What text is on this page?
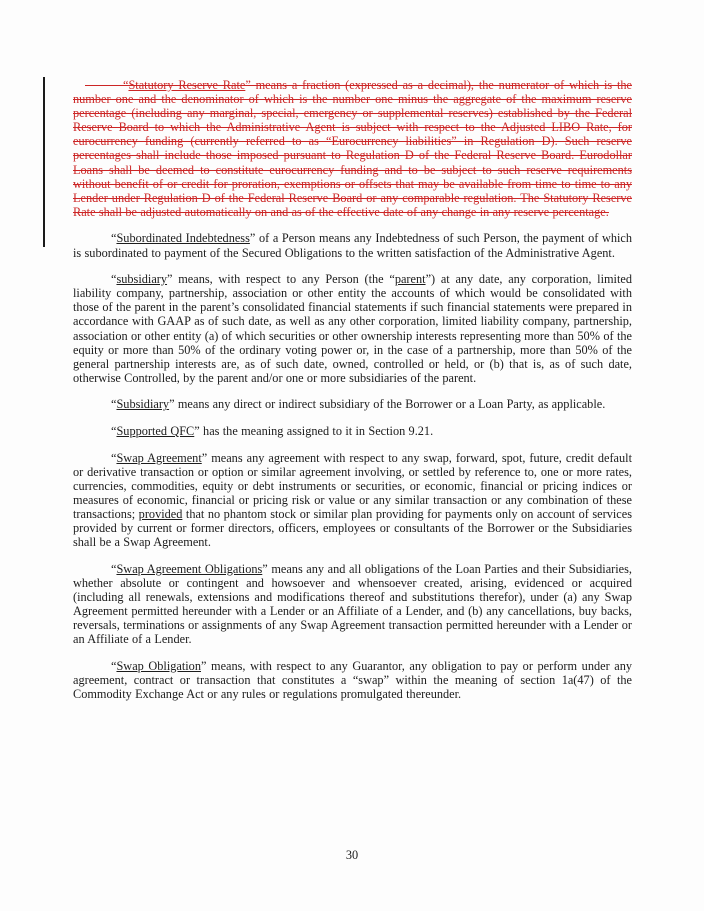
“Statutory Reserve Rate” means a fraction (expressed as a decimal), the numerator of which is the number one and the denominator of which is the number one minus the aggregate of the maximum reserve percentage (including any marginal, special, emergency or supplemental reserves) established by the Federal Reserve Board to which the Administrative Agent is subject with respect to the Adjusted LIBO Rate, for eurocurrency funding (currently referred to as “Eurocurrency liabilities” in Regulation D). Such reserve percentages shall include those imposed pursuant to Regulation D of the Federal Reserve Board. Eurodollar Loans shall be deemed to constitute eurocurrency funding and to be subject to such reserve requirements without benefit of or credit for proration, exemptions or offsets that may be available from time to time to any Lender under Regulation D of the Federal Reserve Board or any comparable regulation. The Statutory Reserve Rate shall be adjusted automatically on and as of the effective date of any change in any reserve percentage.
“Subordinated Indebtedness” of a Person means any Indebtedness of such Person, the payment of which is subordinated to payment of the Secured Obligations to the written satisfaction of the Administrative Agent.
“subsidiary” means, with respect to any Person (the “parent”) at any date, any corporation, limited liability company, partnership, association or other entity the accounts of which would be consolidated with those of the parent in the parent’s consolidated financial statements if such financial statements were prepared in accordance with GAAP as of such date, as well as any other corporation, limited liability company, partnership, association or other entity (a) of which securities or other ownership interests representing more than 50% of the equity or more than 50% of the ordinary voting power or, in the case of a partnership, more than 50% of the general partnership interests are, as of such date, owned, controlled or held, or (b) that is, as of such date, otherwise Controlled, by the parent and/or one or more subsidiaries of the parent.
“Subsidiary” means any direct or indirect subsidiary of the Borrower or a Loan Party, as applicable.
“Supported QFC” has the meaning assigned to it in Section 9.21.
“Swap Agreement” means any agreement with respect to any swap, forward, spot, future, credit default or derivative transaction or option or similar agreement involving, or settled by reference to, one or more rates, currencies, commodities, equity or debt instruments or securities, or economic, financial or pricing indices or measures of economic, financial or pricing risk or value or any similar transaction or any combination of these transactions; provided that no phantom stock or similar plan providing for payments only on account of services provided by current or former directors, officers, employees or consultants of the Borrower or the Subsidiaries shall be a Swap Agreement.
“Swap Agreement Obligations” means any and all obligations of the Loan Parties and their Subsidiaries, whether absolute or contingent and howsoever and whensoever created, arising, evidenced or acquired (including all renewals, extensions and modifications thereof and substitutions therefor), under (a) any Swap Agreement permitted hereunder with a Lender or an Affiliate of a Lender, and (b) any cancellations, buy backs, reversals, terminations or assignments of any Swap Agreement transaction permitted hereunder with a Lender or an Affiliate of a Lender.
“Swap Obligation” means, with respect to any Guarantor, any obligation to pay or perform under any agreement, contract or transaction that constitutes a “swap” within the meaning of section 1a(47) of the Commodity Exchange Act or any rules or regulations promulgated thereunder.
30
